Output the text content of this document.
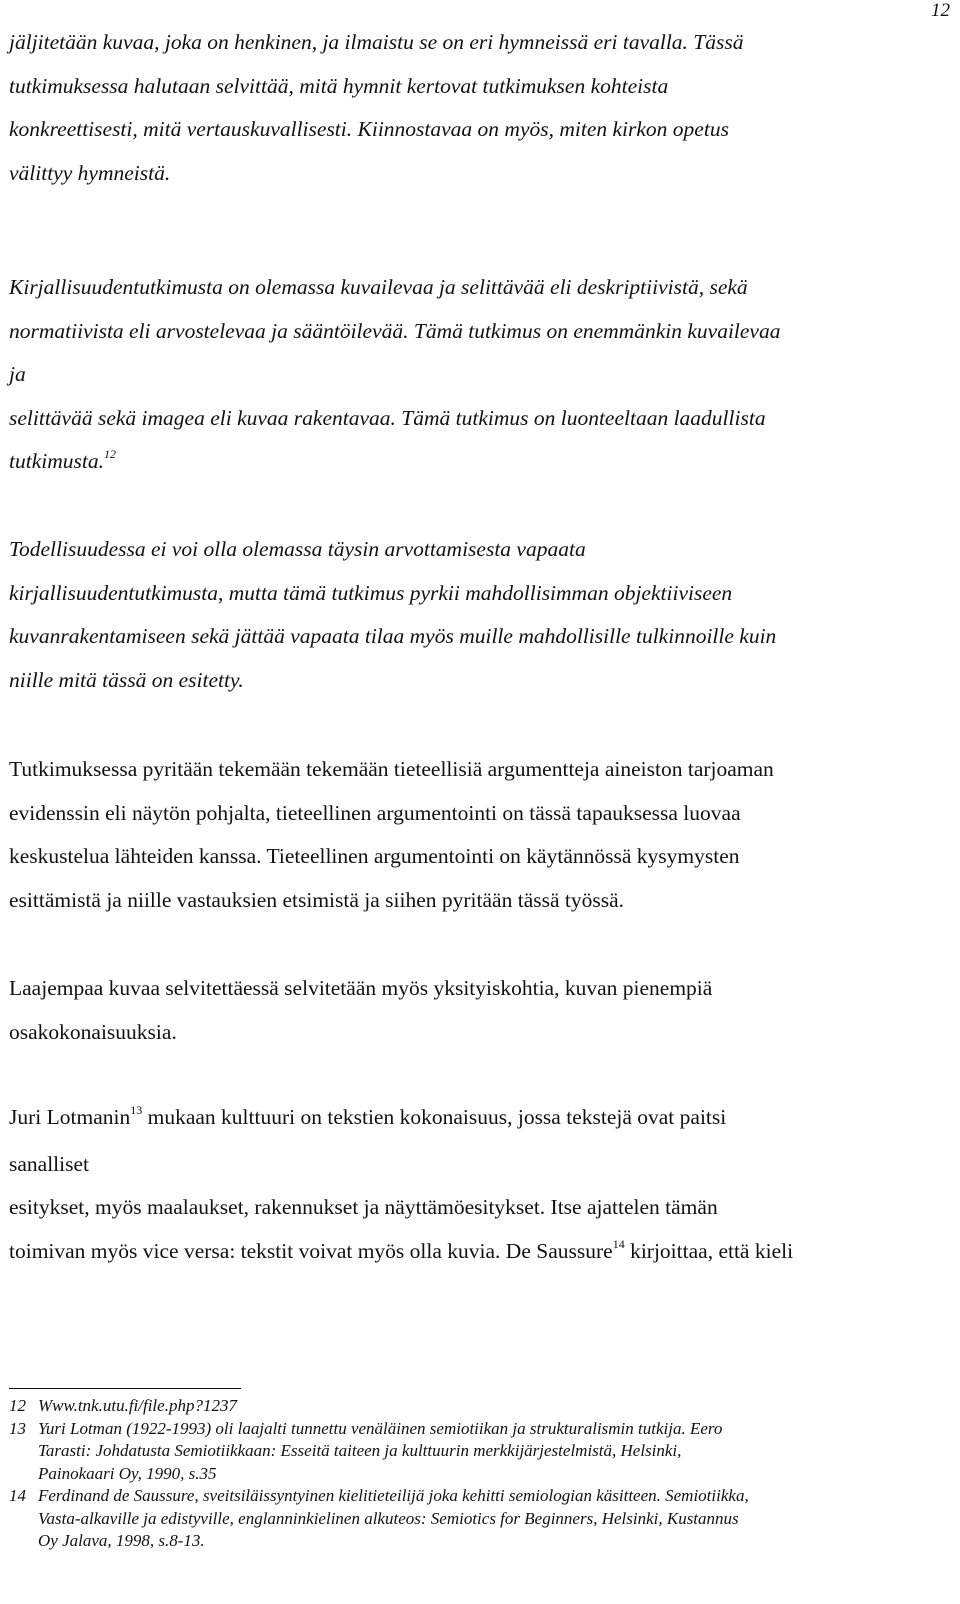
12

jäljitetään kuvaa, joka on henkinen, ja ilmaistu se on eri hymneissä eri tavalla. Tässä
tutkimuksessa halutaan selvittää, mitä hymnit kertovat tutkimuksen kohteista
konkreettisesti, mitä vertauskuvallisesti. Kiinnostavaa on myös, miten kirkon opetus
välittyy hymneistä.

Kirjallisuudentutkimusta on olemassa kuvailevaa ja selittävää eli deskriptiivistä, sekä
normatiivista eli arvostelevaa ja sääntöilevää. Tämä tutkimus on enemmänkin kuvailevaa
ja
selittävää sekä imagea eli kuvaa rakentavaa. Tämä tutkimus on luonteeltaan laadullista
tutkimusta.$^{12}$

Todellisuudessa ei voi olla olemassa täysin arvottamisesta vapaata
kirjallisuudentutkimusta, mutta tämä tutkimus pyrkii mahdollisimman objektiiviseen
kuvanrakentamiseen sekä jättää vapaata tilaa myös muille mahdollisille tulkinnoille kuin
niille mitä tässä on esitetty.

Tutkimuksessa pyritään tekemään tekemään tieteellisiä argumentteja aineiston tarjoaman
evidenssin eli näytön pohjalta, tieteellinen argumentointi on tässä tapauksessa luovaa
keskustelua lähteiden kanssa. Tieteellinen argumentointi on käytännössä kysymysten
esittämistä ja niille vastauksien etsimistä ja siihen pyritään tässä työssä.

Laajempaa kuvaa selvitettäessä selvitetään myös yksityiskohtia, kuvan pienempiä
osakokonaisuuksia.

Juri Lotmanin$^{13}$ mukaan kulttuuri on tekstien kokonaisuus, jossa tekstejä ovat paitsi
sanalliset
esitykset, myös maalaukset, rakennukset ja näyttämöesitykset. Itse ajattelen tämän
toimivan myös vice versa: tekstit voivat myös olla kuvia. De Saussure$^{14}$ kirjoittaa, että kieli

12 Www.tnk.utu.fi/file.php?1237
13 Yuri Lotman (1922-1993) oli laajalti tunnettu venäläinen semiotiikan ja strukturalismin tutkija. Eero
Tarasti: Johdatusta Semiotiikkaan: Esseitä taiteen ja kulttuurin merkkijärjestelmistä, Helsinki,
Painokaari Oy, 1990, s.35
14 Ferdinand de Saussure, sveitsiläissyntyinen kielitieteilijä joka kehitti semiologian käsitteen. Semiotiikka,
Vasta-alkaville ja edistyville, englanninkielinen alkuteos: Semiotics for Beginners, Helsinki, Kustannus
Oy Jalava, 1998, s.8-13.
